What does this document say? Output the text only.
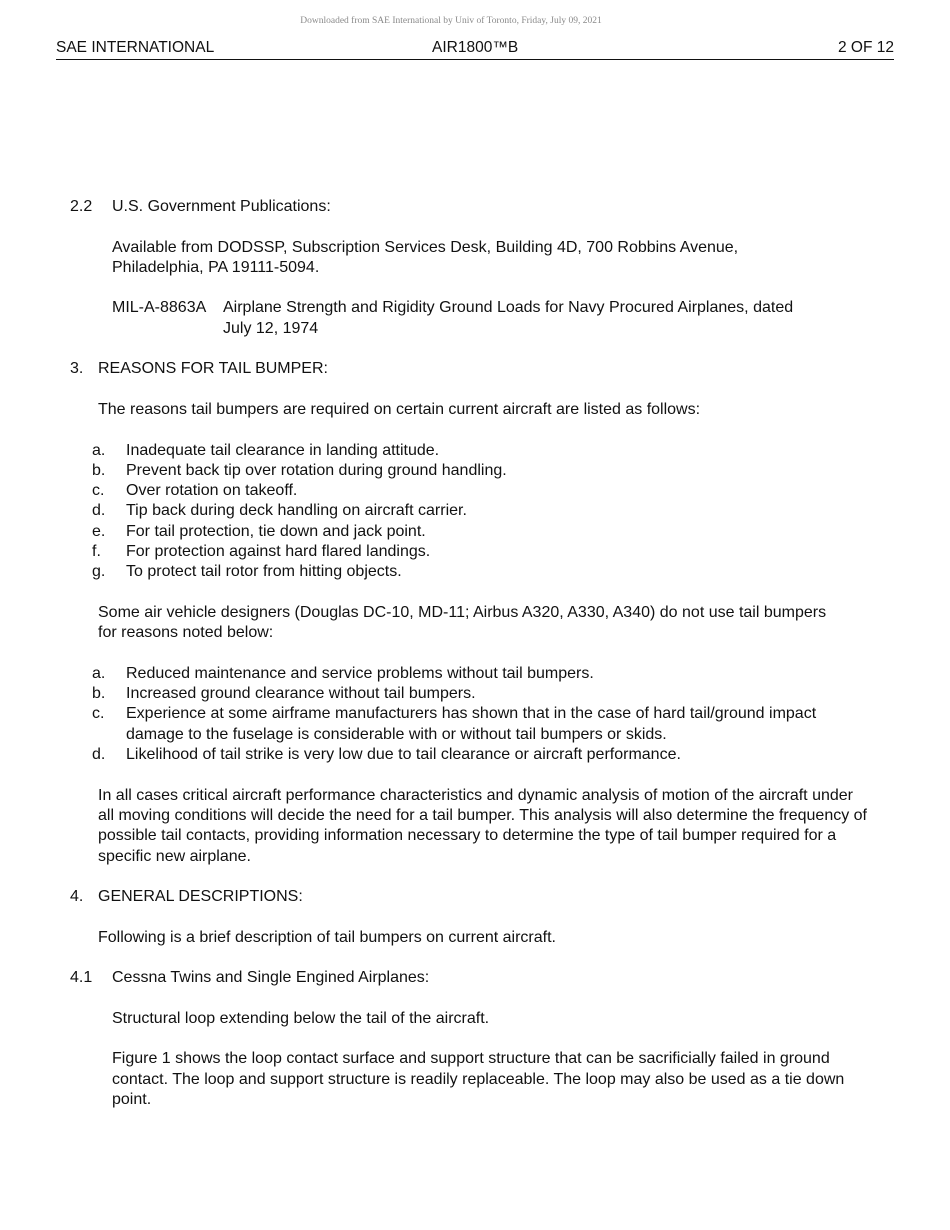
Downloaded from SAE International by Univ of Toronto, Friday, July 09, 2021
SAE INTERNATIONAL	AIR1800™B	2 OF 12
2.2 U.S. Government Publications:
Available from DODSSP, Subscription Services Desk, Building 4D, 700 Robbins Avenue, Philadelphia, PA 19111-5094.
MIL-A-8863A Airplane Strength and Rigidity Ground Loads for Navy Procured Airplanes, dated July 12, 1974
3. REASONS FOR TAIL BUMPER:
The reasons tail bumpers are required on certain current aircraft are listed as follows:
a. Inadequate tail clearance in landing attitude.
b. Prevent back tip over rotation during ground handling.
c. Over rotation on takeoff.
d. Tip back during deck handling on aircraft carrier.
e. For tail protection, tie down and jack point.
f. For protection against hard flared landings.
g. To protect tail rotor from hitting objects.
Some air vehicle designers (Douglas DC-10, MD-11; Airbus A320, A330, A340) do not use tail bumpers for reasons noted below:
a. Reduced maintenance and service problems without tail bumpers.
b. Increased ground clearance without tail bumpers.
c. Experience at some airframe manufacturers has shown that in the case of hard tail/ground impact damage to the fuselage is considerable with or without tail bumpers or skids.
d. Likelihood of tail strike is very low due to tail clearance or aircraft performance.
In all cases critical aircraft performance characteristics and dynamic analysis of motion of the aircraft under all moving conditions will decide the need for a tail bumper. This analysis will also determine the frequency of possible tail contacts, providing information necessary to determine the type of tail bumper required for a specific new airplane.
4. GENERAL DESCRIPTIONS:
Following is a brief description of tail bumpers on current aircraft.
4.1 Cessna Twins and Single Engined Airplanes:
Structural loop extending below the tail of the aircraft.
Figure 1 shows the loop contact surface and support structure that can be sacrificially failed in ground contact. The loop and support structure is readily replaceable. The loop may also be used as a tie down point.
